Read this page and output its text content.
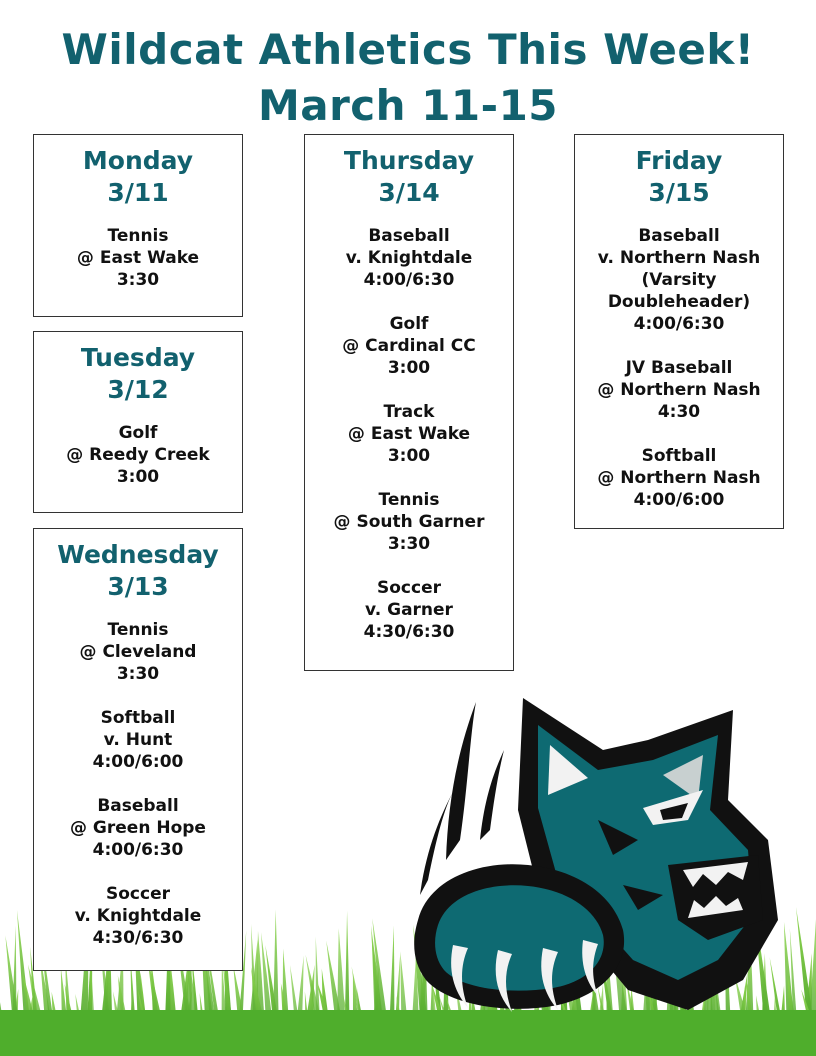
Wildcat Athletics This Week!
March 11-15
Monday
3/11
Tennis
@ East Wake
3:30
Tuesday
3/12
Golf
@ Reedy Creek
3:00
Wednesday
3/13
Tennis
@ Cleveland
3:30
Softball
v. Hunt
4:00/6:00
Baseball
@ Green Hope
4:00/6:30
Soccer
v. Knightdale
4:30/6:30
Thursday
3/14
Baseball
v. Knightdale
4:00/6:30
Golf
@ Cardinal CC
3:00
Track
@ East Wake
3:00
Tennis
@ South Garner
3:30
Soccer
v. Garner
4:30/6:30
Friday
3/15
Baseball
v. Northern Nash
(Varsity
Doubleheader)
4:00/6:30
JV Baseball
@ Northern Nash
4:30
Softball
@ Northern Nash
4:00/6:00
